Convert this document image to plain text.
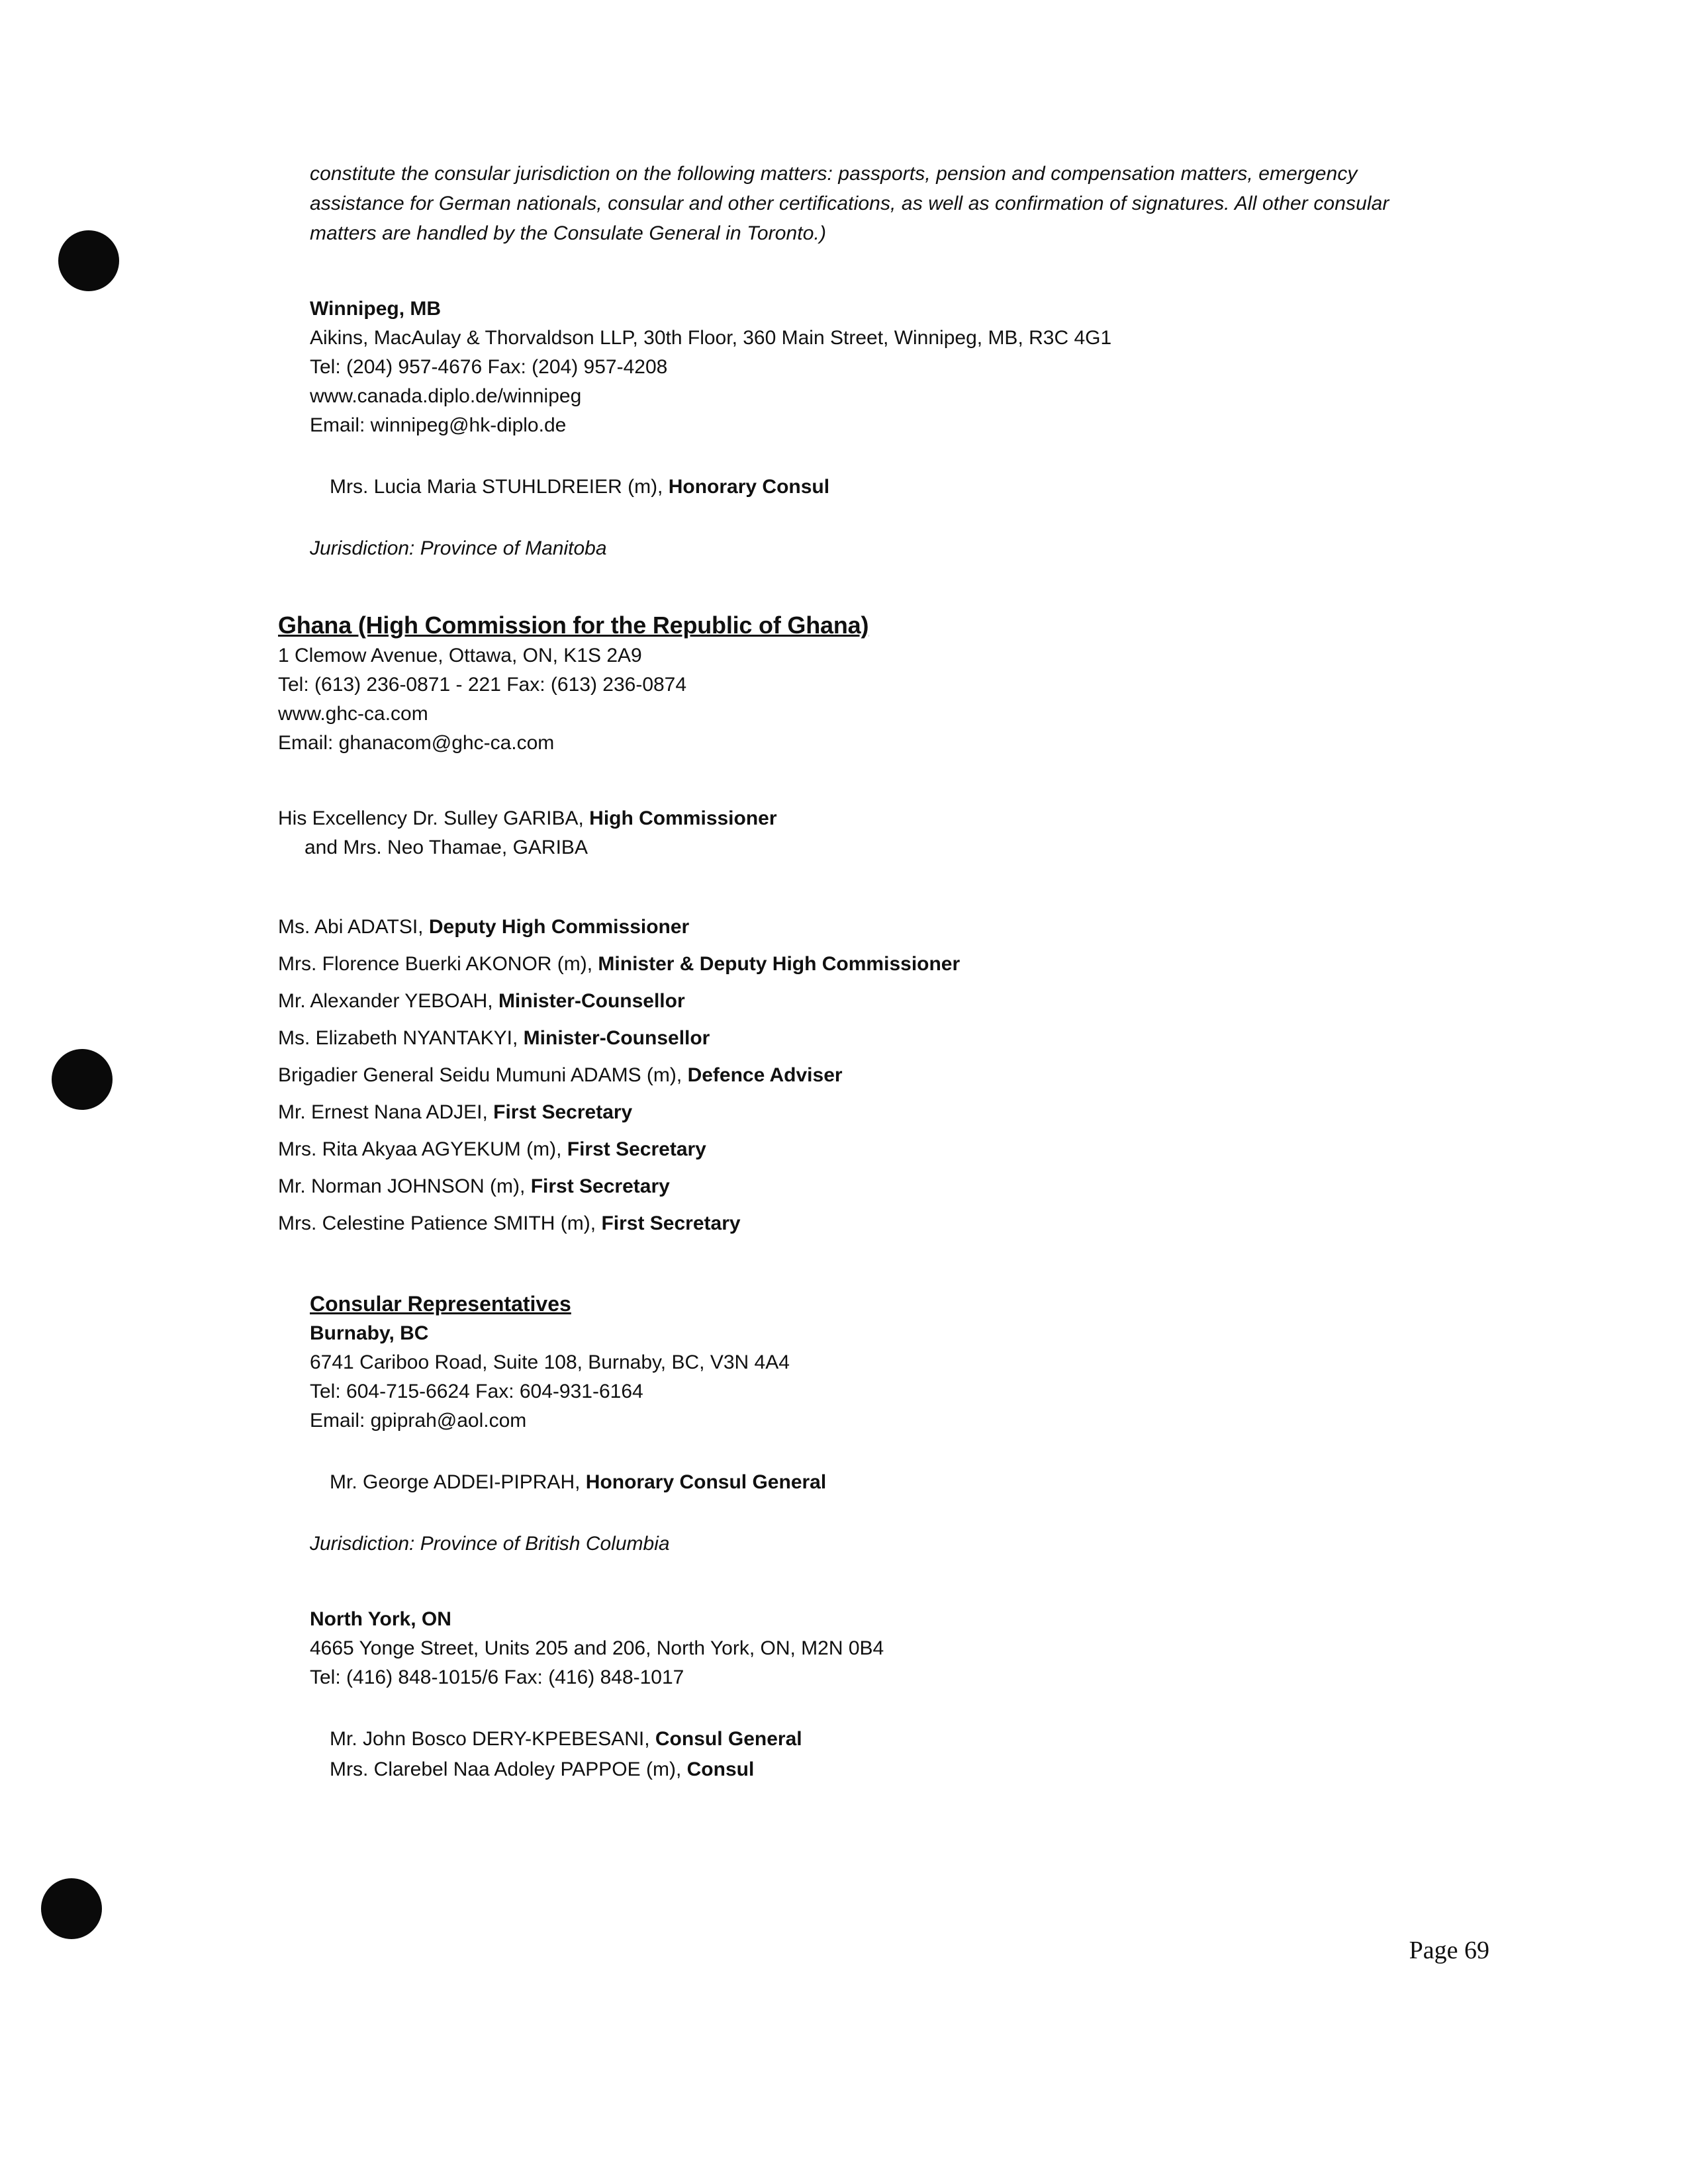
constitute the consular jurisdiction on the following matters: passports, pension and compensation matters, emergency assistance for German nationals, consular and other certifications, as well as confirmation of signatures. All other consular matters are handled by the Consulate General in Toronto.)

Winnipeg, MB
Aikins, MacAulay & Thorvaldson LLP, 30th Floor, 360 Main Street, Winnipeg, MB, R3C 4G1
Tel: (204) 957-4676 Fax: (204) 957-4208
www.canada.diplo.de/winnipeg
Email: winnipeg@hk-diplo.de
Mrs. Lucia Maria STUHLDREIER (m), Honorary Consul
Jurisdiction: Province of Manitoba
Ghana (High Commission for the Republic of Ghana)
1 Clemow Avenue, Ottawa, ON, K1S 2A9
Tel: (613) 236-0871 - 221 Fax: (613) 236-0874
www.ghc-ca.com
Email: ghanacom@ghc-ca.com
His Excellency Dr. Sulley GARIBA, High Commissioner
and Mrs. Neo Thamae, GARIBA
Ms. Abi ADATSI, Deputy High Commissioner
Mrs. Florence Buerki AKONOR (m), Minister & Deputy High Commissioner
Mr. Alexander YEBOAH, Minister-Counsellor
Ms. Elizabeth NYANTAKYI, Minister-Counsellor
Brigadier General Seidu Mumuni ADAMS (m), Defence Adviser
Mr. Ernest Nana ADJEI, First Secretary
Mrs. Rita Akyaa AGYEKUM (m), First Secretary
Mr. Norman JOHNSON (m), First Secretary
Mrs. Celestine Patience SMITH (m), First Secretary
Consular Representatives
Burnaby, BC
6741 Cariboo Road, Suite 108, Burnaby, BC, V3N 4A4
Tel: 604-715-6624 Fax: 604-931-6164
Email: gpiprah@aol.com
Mr. George ADDEI-PIPRAH, Honorary Consul General
Jurisdiction: Province of British Columbia
North York, ON
4665 Yonge Street, Units 205 and 206, North York, ON, M2N 0B4
Tel: (416) 848-1015/6 Fax: (416) 848-1017
Mr. John Bosco DERY-KPEBESANI, Consul General
Mrs. Clarebel Naa Adoley PAPPOE (m), Consul
Page 69
